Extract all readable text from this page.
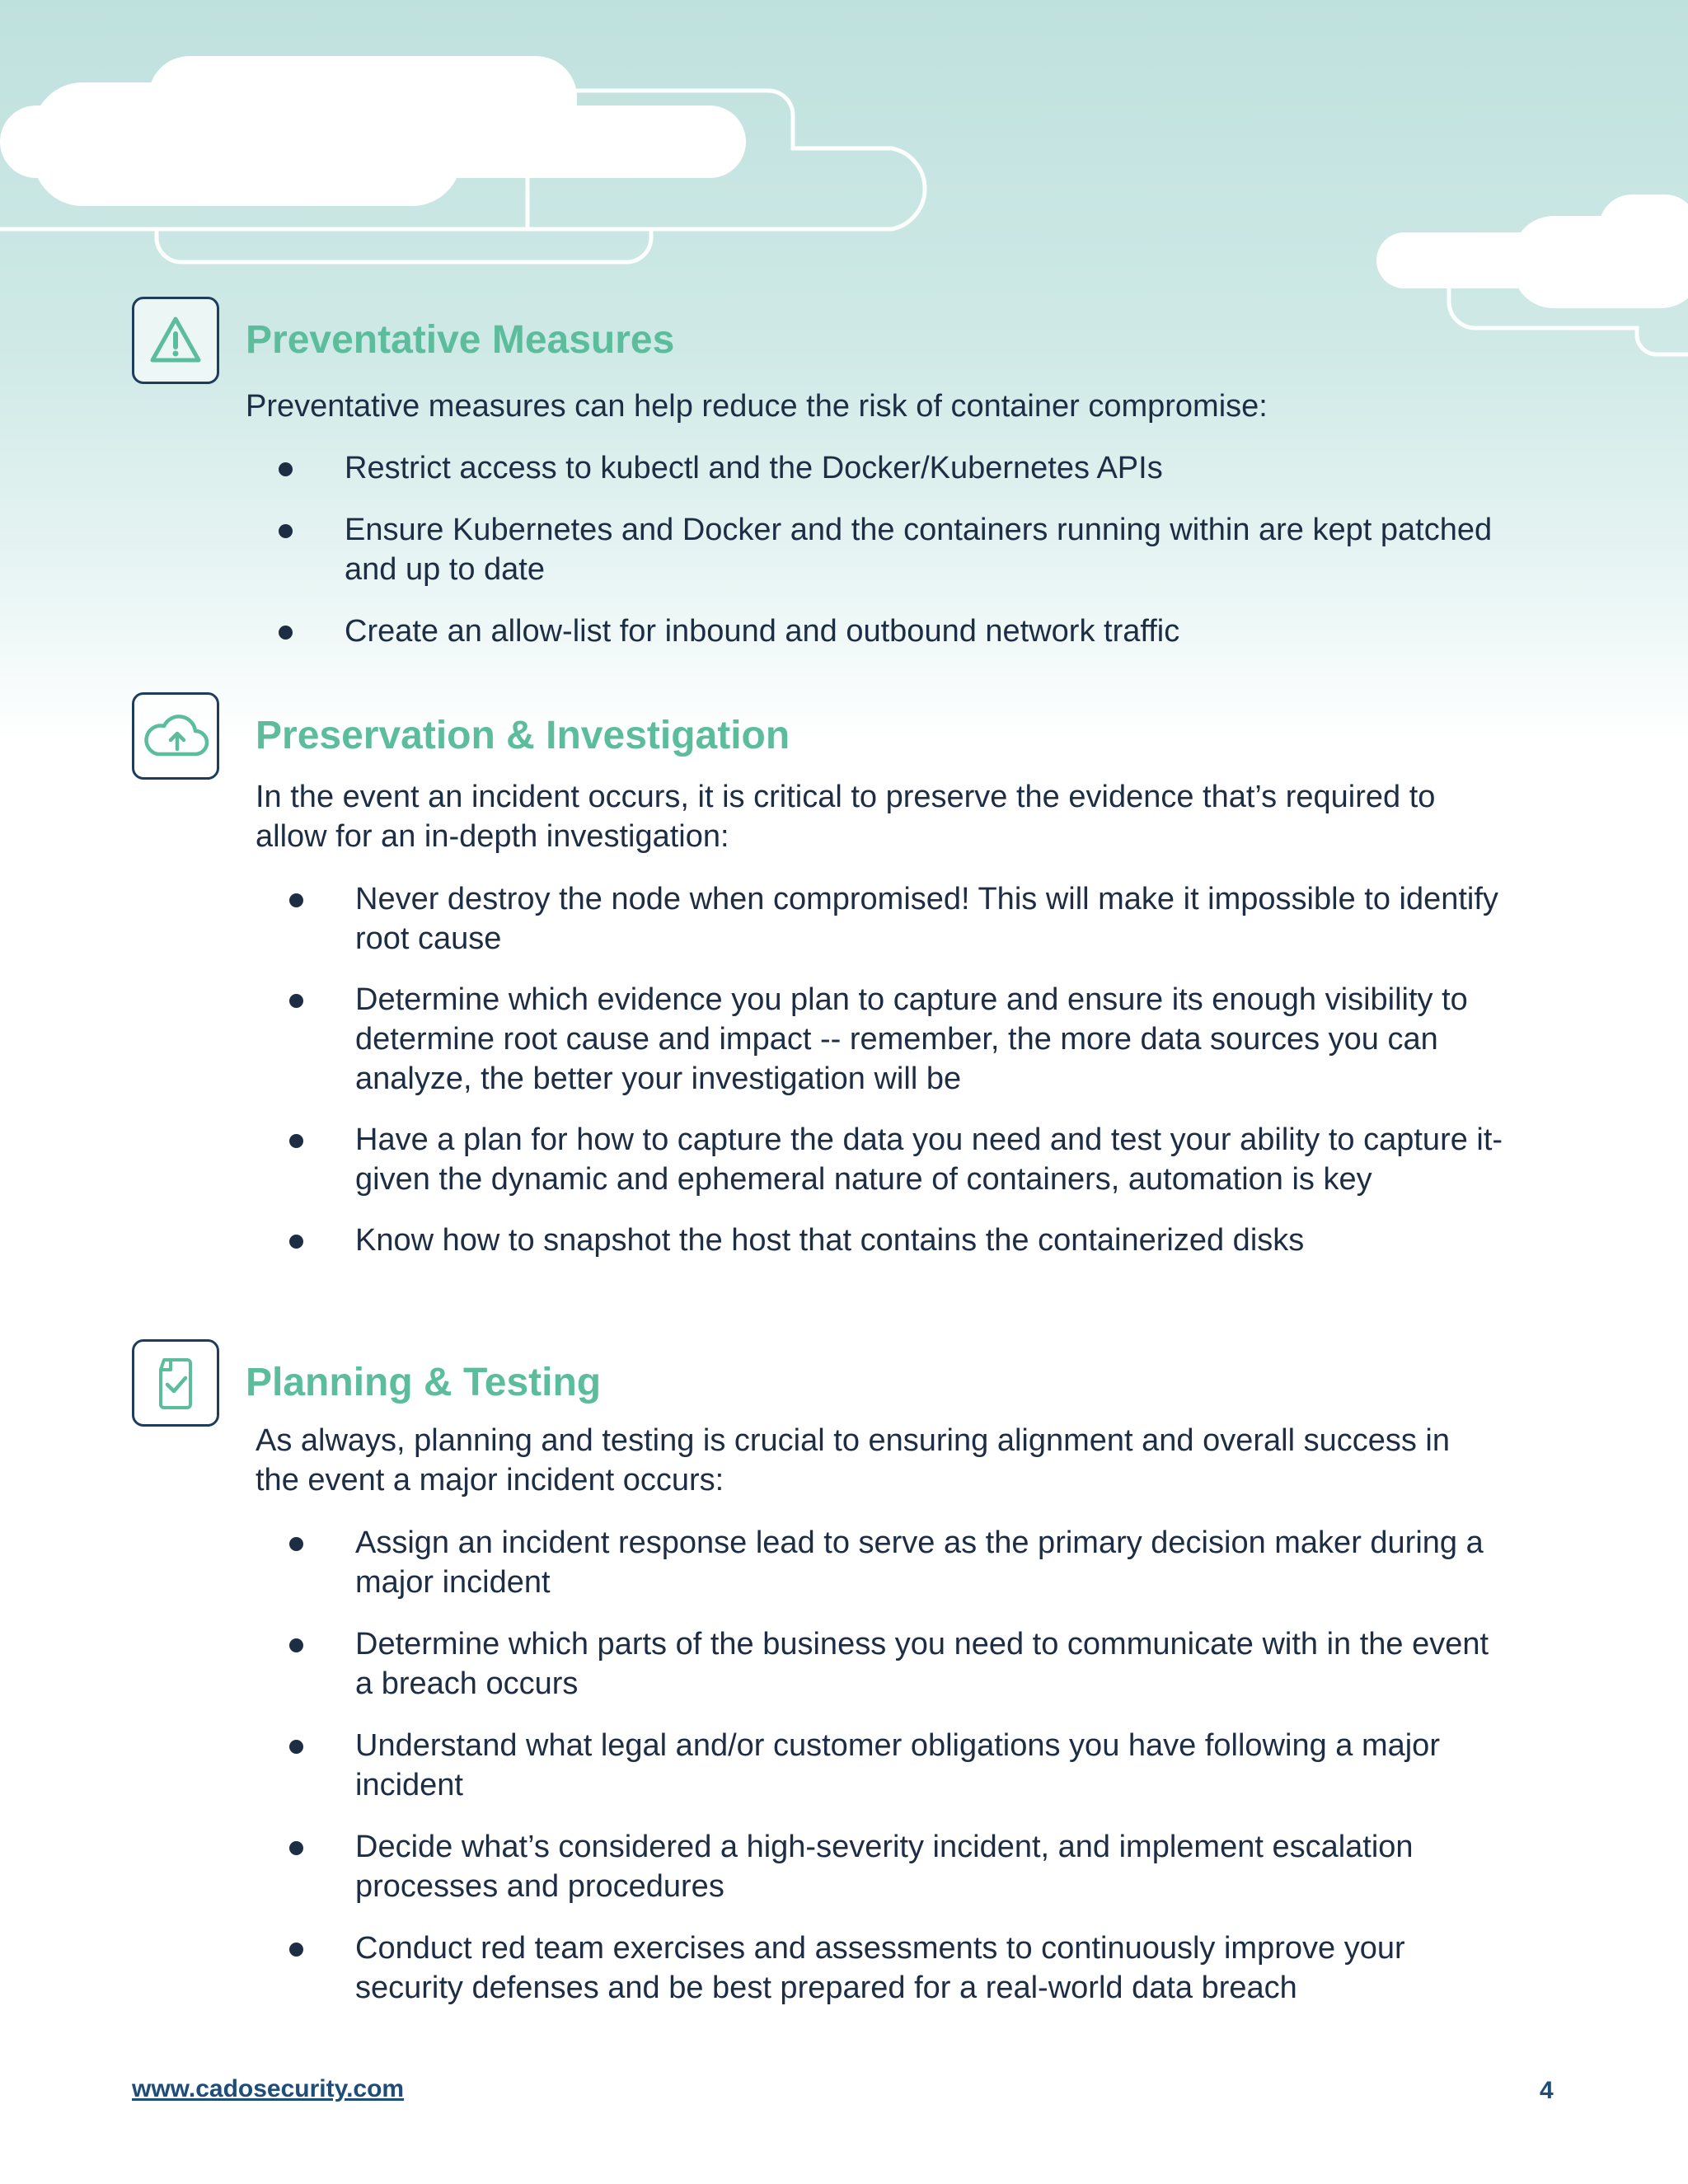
Preventative Measures

Preventative measures can help reduce the risk of container compromise:

Restrict access to kubectl and the Docker/Kubernetes APIs
Ensure Kubernetes and Docker and the containers running within are kept patched and up to date
Create an allow-list for inbound and outbound network traffic
Preservation & Investigation

In the event an incident occurs, it is critical to preserve the evidence that’s required to allow for an in-depth investigation:

Never destroy the node when compromised! This will make it impossible to identify root cause
Determine which evidence you plan to capture and ensure its enough visibility to determine root cause and impact -- remember, the more data sources you can analyze, the better your investigation will be
Have a plan for how to capture the data you need and test your ability to capture it- given the dynamic and ephemeral nature of containers, automation is key
Know how to snapshot the host that contains the containerized disks
Planning & Testing

As always, planning and testing is crucial to ensuring alignment and overall success in the event a major incident occurs:

Assign an incident response lead to serve as the primary decision maker during a major incident
Determine which parts of the business you need to communicate with in the event a breach occurs
Understand what legal and/or customer obligations you have following a major incident
Decide what’s considered a high-severity incident, and implement escalation processes and procedures
Conduct red team exercises and assessments to continuously improve your security defenses and be best prepared for a real-world data breach
www.cadosecurity.com	4
